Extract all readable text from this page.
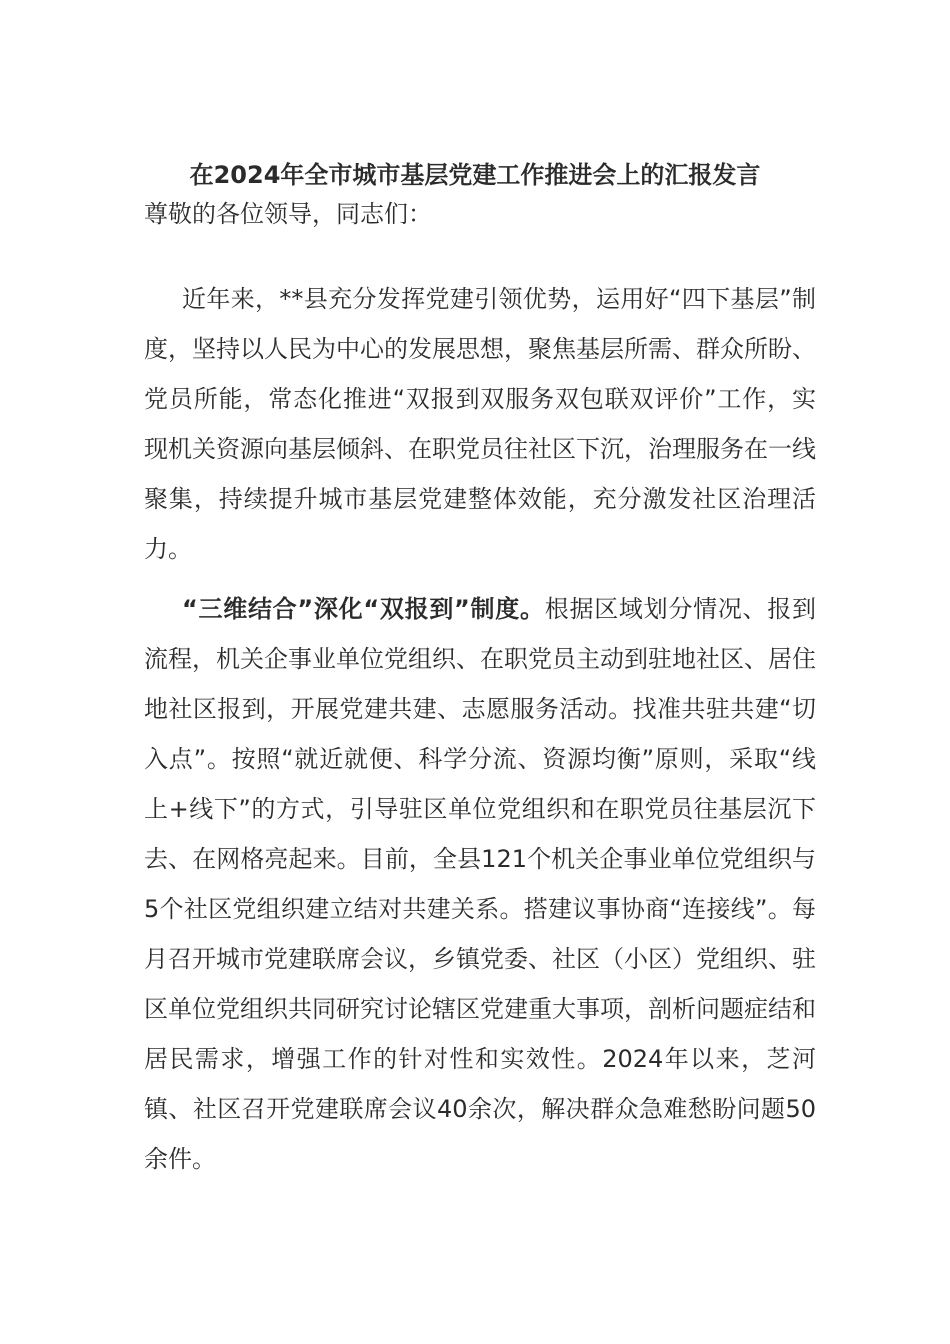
在2024年全市城市基层党建工作推进会上的汇报发言

尊敬的各位领导，同志们：

近年来，**县充分发挥党建引领优势，运用好“四下基层”制度，坚持以人民为中心的发展思想，聚焦基层所需、群众所盼、党员所能，常态化推进“双报到双服务双包联双评价”工作，实现机关资源向基层倾斜、在职党员往社区下沉，治理服务在一线聚集，持续提升城市基层党建整体效能，充分激发社区治理活力。

“三维结合”深化“双报到”制度。根据区域划分情况、报到流程，机关企事业单位党组织、在职党员主动到驻地社区、居住地社区报到，开展党建共建、志愿服务活动。找准共驻共建“切入点”。按照“就近就便、科学分流、资源均衡”原则，采取“线上+线下”的方式，引导驻区单位党组织和在职党员往基层沉下去、在网格亮起来。目前，全县121个机关企事业单位党组织与5个社区党组织建立结对共建关系。搭建议事协商“连接线”。每月召开城市党建联席会议，乡镇党委、社区（小区）党组织、驻区单位党组织共同研究讨论辖区党建重大事项，剖析问题症结和居民需求，增强工作的针对性和实效性。2024年以来，芝河镇、社区召开党建联席会议40余次，解决群众急难愁盼问题50余件。
